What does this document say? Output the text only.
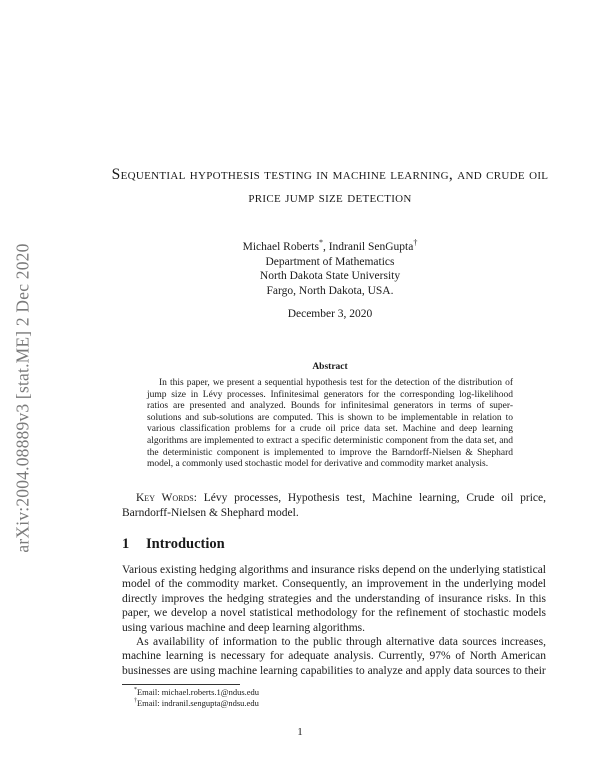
arXiv:2004.08889v3 [stat.ME] 2 Dec 2020
Sequential hypothesis testing in machine learning, and crude oil price jump size detection
Michael Roberts*, Indranil SenGupta†
Department of Mathematics
North Dakota State University
Fargo, North Dakota, USA.
December 3, 2020
Abstract
In this paper, we present a sequential hypothesis test for the detection of the distribution of jump size in Lévy processes. Infinitesimal generators for the corresponding log-likelihood ratios are presented and analyzed. Bounds for infinitesimal generators in terms of super-solutions and sub-solutions are computed. This is shown to be implementable in relation to various classification problems for a crude oil price data set. Machine and deep learning algorithms are implemented to extract a specific deterministic component from the data set, and the deterministic component is implemented to improve the Barndorff-Nielsen & Shephard model, a commonly used stochastic model for derivative and commodity market analysis.
Key Words: Lévy processes, Hypothesis test, Machine learning, Crude oil price, Barndorff-Nielsen & Shephard model.
1 Introduction
Various existing hedging algorithms and insurance risks depend on the underlying statistical model of the commodity market. Consequently, an improvement in the underlying model directly improves the hedging strategies and the understanding of insurance risks. In this paper, we develop a novel statistical methodology for the refinement of stochastic models using various machine and deep learning algorithms.
As availability of information to the public through alternative data sources increases, machine learning is necessary for adequate analysis. Currently, 97% of North American businesses are using machine learning capabilities to analyze and apply data sources to their
*Email: michael.roberts.1@ndus.edu
†Email: indranil.sengupta@ndsu.edu
1
